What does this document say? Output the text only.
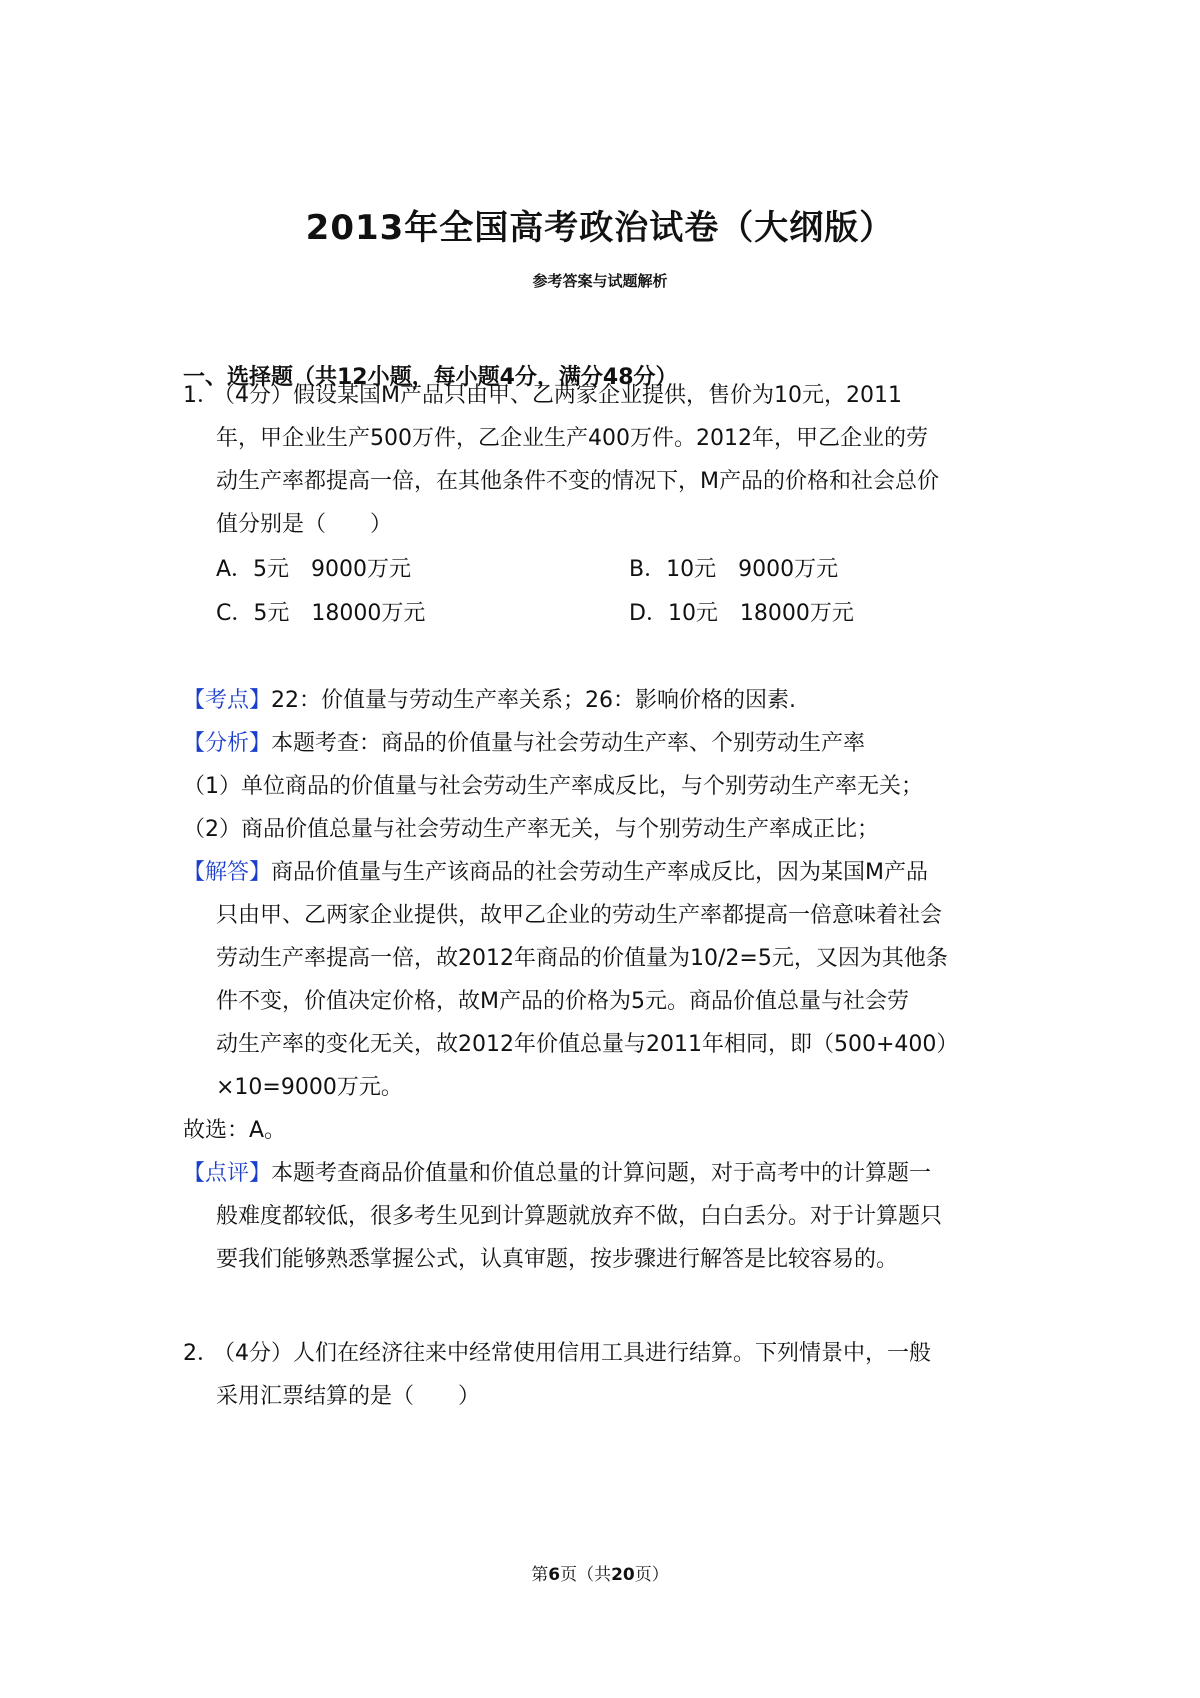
2013年全国高考政治试卷（大纲版）
参考答案与试题解析
一、选择题（共12小题，每小题4分，满分48分）
1．
（4分）假设某国M产品只由甲、乙两家企业提供，售价为10元，2011
年，甲企业生产500万件，乙企业生产400万件。2012年，甲乙企业的劳
动生产率都提高一倍，在其他条件不变的情况下，M产品的价格和社会总价
值分别是（　　）
A．5元　9000万元	B．10元　9000万元
C．5元　18000万元	D．10元　18000万元
【考点】22：价值量与劳动生产率关系；26：影响价格的因素.
【分析】本题考查：商品的价值量与社会劳动生产率、个别劳动生产率
（1）单位商品的价值量与社会劳动生产率成反比，与个别劳动生产率无关；
（2）商品价值总量与社会劳动生产率无关，与个别劳动生产率成正比；
【解答】商品价值量与生产该商品的社会劳动生产率成反比，因为某国M产品
只由甲、乙两家企业提供，故甲乙企业的劳动生产率都提高一倍意味着社会
劳动生产率提高一倍，故2012年商品的价值量为10/2=5元，又因为其他条
件不变，价值决定价格，故M产品的价格为5元。商品价值总量与社会劳
动生产率的变化无关，故2012年价值总量与2011年相同，即（500+400）
×10=9000万元。
故选：A。
【点评】本题考查商品价值量和价值总量的计算问题，对于高考中的计算题一
般难度都较低，很多考生见到计算题就放弃不做，白白丢分。对于计算题只
要我们能够熟悉掌握公式，认真审题，按步骤进行解答是比较容易的。
2．
（4分）人们在经济往来中经常使用信用工具进行结算。下列情景中，一般
采用汇票结算的是（　　）
第6页（共20页）
